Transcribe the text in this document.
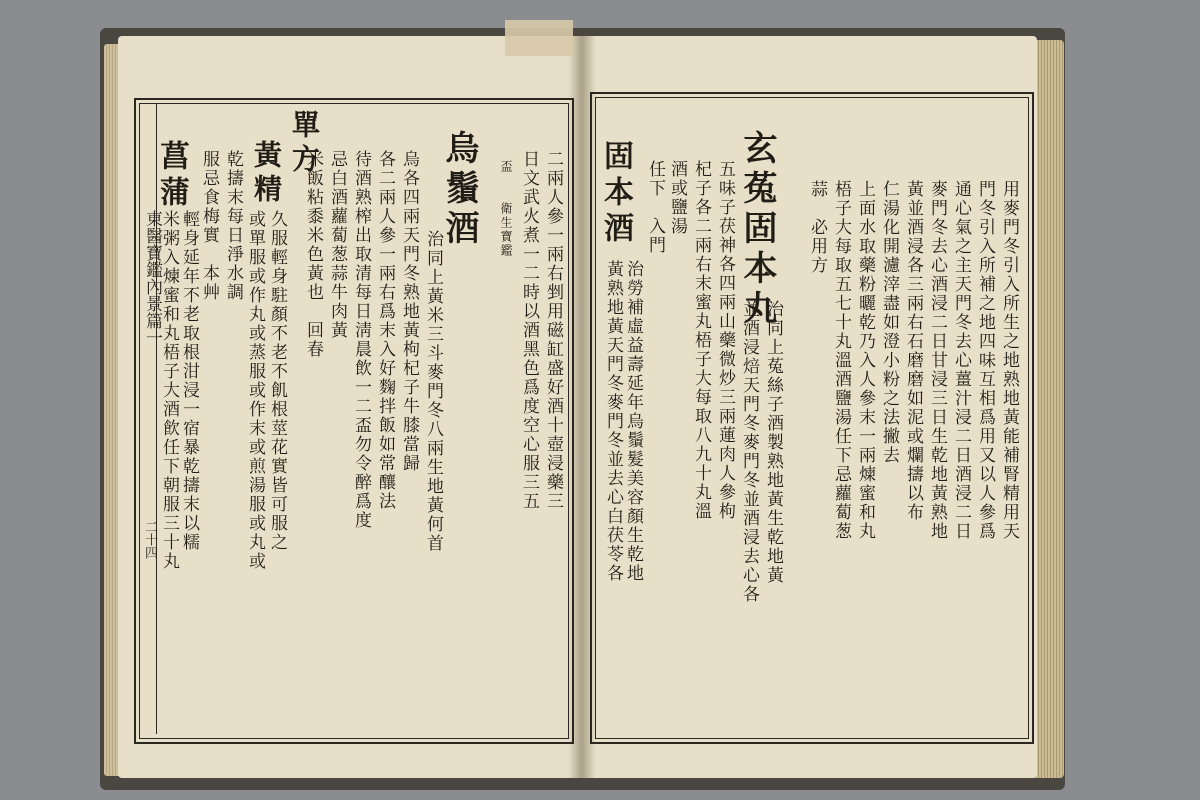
東醫寶鑑內景篇一
二十四
二兩人參一兩右剉用磁缸盛好酒十壺浸藥三
日文武火煮一二時以酒黑色爲度空心服三五
盃　　衛生寶鑑
烏鬚酒
治同上黃米三斗麥門冬八兩生地黃何首
烏各四兩天門冬熟地黃枸杞子牛膝當歸
各二兩人參一兩右爲末入好麴拌飯如常釀法
待酒熟榨出取清每日淸晨飲一二盃勿令醉爲度
忌白酒蘿蔔葱蒜牛肉黃
米飯粘黍米色黃也　回春
單方
黃精
久服輕身駐顏不老不飢根莖花實皆可服之
或單服或作丸或蒸服或作末或煎湯服或丸或
乾擣末每日淨水調
服忌食梅實　本艸
菖蒲
輕身延年不老取根泔浸一宿暴乾擣末以糯
米粥入煉蜜和丸梧子大酒飮任下朝服三十丸	用麥門冬引入所生之地熟地黃能補腎精用天
門冬引入所補之地四味互相爲用又以人參爲
通心氣之主天門冬去心薑汁浸二日酒浸二日
麥門冬去心酒浸二日甘浸三日生乾地黃熟地
黃並酒浸各三兩右石磨磨如泥或爛擣以布
仁湯化開濾滓盡如澄小粉之法撇去
上面水取藥粉曬乾乃入人參末一兩煉蜜和丸
梧子大每取五七十丸溫酒鹽湯任下忌蘿蔔葱
蒜　必用方
玄菟固本丸
治同上菟絲子酒製熟地黃生乾地黃
並酒浸焙天門冬麥門冬並酒浸去心各
五味子茯神各四兩山藥微炒三兩蓮肉人參枸
杞子各二兩右末蜜丸梧子大每取八九十丸溫
酒或鹽湯
任下　入門
固本酒
治勞補虛益壽延年烏鬚髮美容顏生乾地
黃熟地黃天門冬麥門冬並去心白茯苓各
